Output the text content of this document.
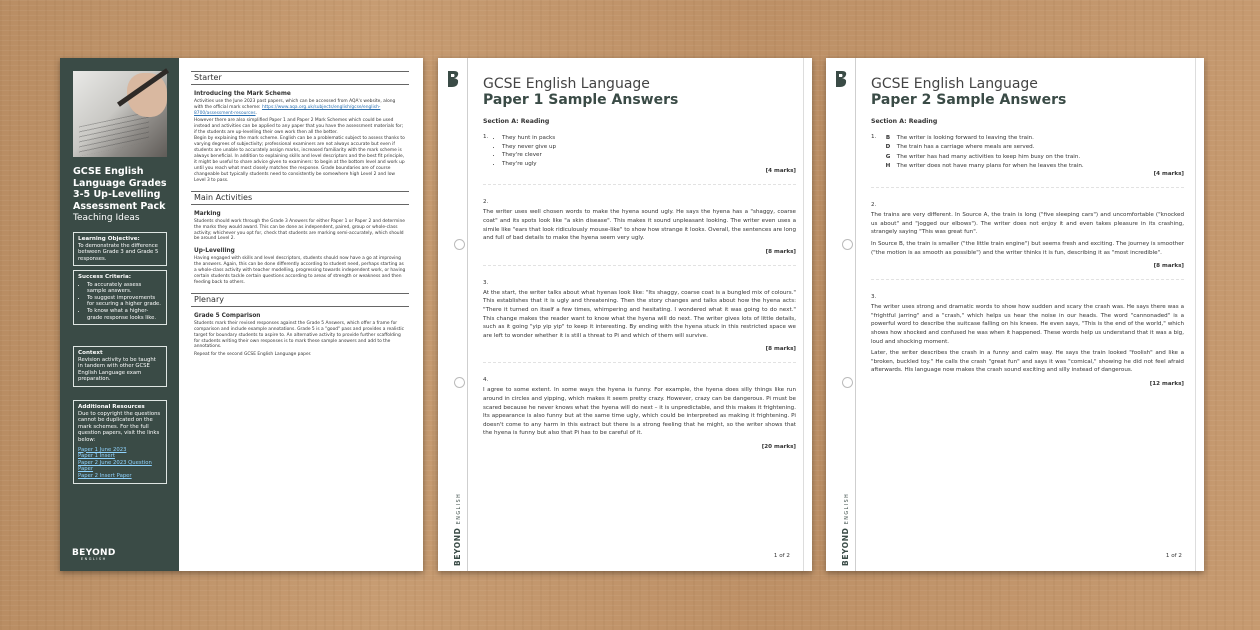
GCSE English Language Grades 3-5 Up-Levelling Assessment Pack
Teaching Ideas
Learning Objective:
To demonstrate the difference between Grade 3 and Grade 5 responses.
Success Criteria:
• To accurately assess sample answers.
• To suggest improvements for securing a higher grade.
• To know what a higher-grade response looks like.
Context
Revision activity to be taught in tandem with other GCSE English Language exam preparation.
Additional Resources
Due to copyright the questions cannot be duplicated on the mark schemes. For the full question papers, visit the links below:
Paper 1 June 2023
Paper 1 Insert
Paper 2 June 2023 Question Paper
Paper 2 Insert Paper
BEYOND
ENGLISH
Starter
Introducing the Mark Scheme

Activities use the June 2023 past papers, which can be accessed from AQA's website, along with the official mark scheme: https://www.aqa.org.uk/subjects/english/gcse/english-8700/assessment-resources.

However there are also simplified Paper 1 and Paper 2 Mark Schemes which could be used instead and activities can be applied to any paper that you have the assessment materials for; if the students are up-levelling their own work then all the better.

Begin by explaining the mark scheme. English can be a problematic subject to assess thanks to varying degrees of subjectivity; professional examiners are not always accurate but even if students are unable to accurately assign marks, increased familiarity with the mark scheme is always beneficial. In addition to explaining skills and level descriptors and the best fit principle, it might be useful to share advice given to examiners: to begin at the bottom level and work up until you reach what most closely matches the response. Grade boundaries are of course changeable but typically students need to consistently be somewhere high Level 2 and low Level 3 to pass.

Main Activities
Marking

Students should work through the Grade 3 Answers for either Paper 1 or Paper 2 and determine the marks they would award. This can be done as independent, paired, group or whole-class activity; whichever you opt for, check that students are marking semi-accurately, which should be around Level 2.

Up-Levelling

Having engaged with skills and level descriptors, students should now have a go at improving the answers. Again, this can be done differently according to student need, perhaps starting as a whole-class activity with teacher modelling, progressing towards independent work, or having certain students tackle certain questions according to areas of strength or weakness and then feeding back to others.

Plenary
Grade 5 Comparison

Students mark their revised responses against the Grade 5 Answers, which offer a frame for comparison and include example annotations. Grade 5 is a "good" pass and provides a realistic target for boundary students to aspire to. An alternative activity to provide further scaffolding for students writing their own responses is to mark these sample answers and add to the annotations.

Repeat for the second GCSE English Language paper.

BEYOND ENGLISH
GCSE English Language
Paper 1 Sample Answers
Section A: Reading
1.
•	They hunt in packs
• They never give up
• They're clever
• They're ugly
[4 marks]
2.

The writer uses well chosen words to make the hyena sound ugly. He says the hyena has a "shaggy, coarse coat" and its spots look like "a skin disease". This makes it sound unpleasant looking. The writer even uses a simile like "ears that look ridiculously mouse-like" to show how strange it looks. Overall, the sentences are long and full of bad details to make the hyena seem very ugly.

[8 marks]
3.

At the start, the writer talks about what hyenas look like: "Its shaggy, coarse coat is a bungled mix of colours." This establishes that it is ugly and threatening. Then the story changes and talks about how the hyena acts: "There it turned on itself a few times, whimpering and hesitating. I wondered what it was going to do next." This change makes the reader want to know what the hyena will do next. The writer gives lots of little details, such as it going "yip yip yip" to keep it interesting. By ending with the hyena stuck in this restricted space we are left to wonder whether it is still a threat to Pi and which of them will survive.

[8 marks]
4.

I agree to some extent. In some ways the hyena is funny. For example, the hyena does silly things like run around in circles and yipping, which makes it seem pretty crazy. However, crazy can be dangerous. Pi must be scared because he never knows what the hyena will do next – it is unpredictable, and this makes it frightening. Its appearance is also funny but at the same time ugly, which could be interpreted as making it frightening. Pi doesn't come to any harm in this extract but there is a strong feeling that he might, so the writer shows that the hyena is funny but also that Pi has to be careful of it.

[20 marks]
1 of 2	BEYOND ENGLISH
GCSE English Language
Paper 2 Sample Answers
Section A: Reading
1.	B The writer is looking forward to leaving the train.
D The train has a carriage where meals are served.
G The writer has had many activities to keep him busy on the train.
H The writer does not have many plans for when he leaves the train.
[4 marks]
2.

The trains are very different. In Source A, the train is long ("five sleeping cars") and uncomfortable ("knocked us about" and "jogged our elbows"). The writer does not enjoy it and even takes pleasure in its crashing, strangely saying "This was great fun".

In Source B, the train is smaller ("the little train engine") but seems fresh and exciting. The journey is smoother ("the motion is as smooth as possible") and the writer thinks it is fun, describing it as "most incredible".

[8 marks]
3.

The writer uses strong and dramatic words to show how sudden and scary the crash was. He says there was a "frightful jarring" and a "crash," which helps us hear the noise in our heads. The word "cannonaded" is a powerful word to describe the suitcase falling on his knees. He even says, "This is the end of the world," which shows how shocked and confused he was when it happened. These words help us understand that it was a big, loud and shocking moment.

Later, the writer describes the crash in a funny and calm way. He says the train looked "foolish" and like a "broken, buckled toy." He calls the crash "great fun" and says it was "comical," showing he did not feel afraid afterwards. His language now makes the crash sound exciting and silly instead of dangerous.

[12 marks]
1 of 2
